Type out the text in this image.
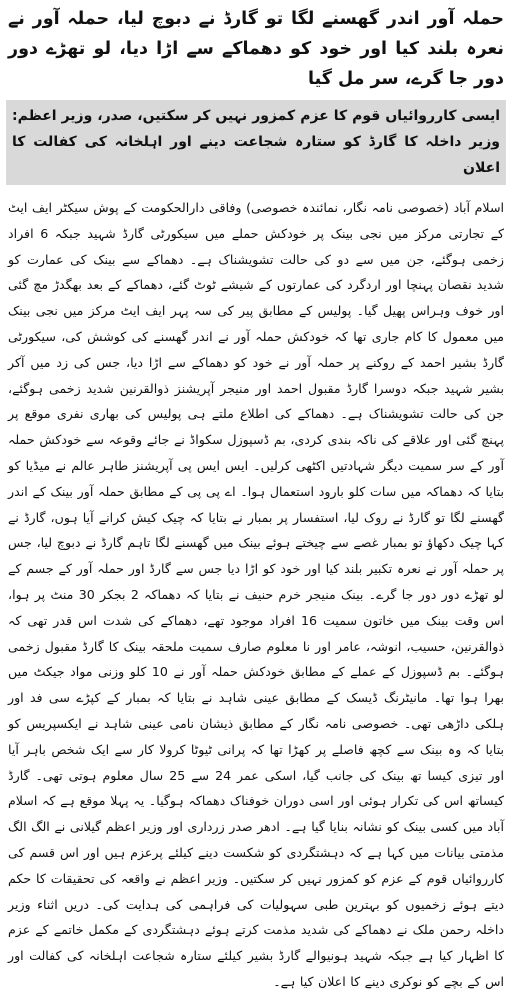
حملہ آور اندر گھسنے لگا تو گارڈ نے دبوچ لیا، حملہ آور نے نعرہ بلند کیا اور خود کو دھماکے سے اڑا دیا، لو تھڑے دور دور جا گرے، سر مل گیا
ایسی کارروائیاں قوم کا عزم کمزور نہیں کر سکتیں، صدر، وزیر اعظم: وزیر داخلہ کا گارڈ کو ستارہ شجاعت دینے اور اہلخانہ کی کفالت کا اعلان

اسلام آباد (خصوصی نامہ نگار، نمائندہ خصوصی) وفاقی دارالحکومت کے پوش سیکٹر ایف ایٹ کے تجارتی مرکز میں نجی بینک پر خودکش حملے میں سیکورٹی گارڈ شہید جبکہ 6 افراد زخمی ہوگئے، جن میں سے دو کی حالت تشویشناک ہے۔ دھماکے سے بینک کی عمارت کو شدید نقصان پہنچا اور اردگرد کی عمارتوں کے شیشے ٹوٹ گئے، دھماکے کے بعد بھگدڑ مچ گئی اور خوف وہراس پھیل گیا۔ پولیس کے مطابق پیر کی سہ پہر ایف ایٹ مرکز میں نجی بینک میں معمول کا کام جاری تھا کہ خودکش حملہ آور نے اندر گھسنے کی کوشش کی، سیکورٹی گارڈ بشیر احمد کے روکنے پر حملہ آور نے خود کو دھماکے سے اڑا دیا، جس کی زد میں آکر بشیر شہید جبکہ دوسرا گارڈ مقبول احمد اور منیجر آپریشنز ذوالقرنین شدید زخمی ہوگئے، جن کی حالت تشویشناک ہے۔ دھماکے کی اطلاع ملتے ہی پولیس کی بھاری نفری موقع پر پہنچ گئی اور علاقے کی ناکہ بندی کردی، بم ڈسپوزل سکواڈ نے جائے وقوعہ سے خودکش حملہ آور کے سر سمیت دیگر شہادتیں اکٹھی کرلیں۔ ایس ایس پی آپریشنز طاہر عالم نے میڈیا کو بتایا کہ دھماکہ میں سات کلو بارود استعمال ہوا۔ اے پی پی کے مطابق حملہ آور بینک کے اندر گھسنے لگا تو گارڈ نے روک لیا، استفسار پر بمبار نے بتایا کہ چیک کیش کرانے آیا ہوں، گارڈ نے کہا چیک دکھاؤ تو بمبار غصے سے چیختے ہوئے بینک میں گھسنے لگا تاہم گارڈ نے دبوچ لیا، جس پر حملہ آور نے نعرہ تکبیر بلند کیا اور خود کو اڑا دیا جس سے گارڈ اور حملہ آور کے جسم کے لو تھڑے دور دور جا گرے۔ بینک منیجر خرم حنیف نے بتایا کہ دھماکہ 2 بجکر 30 منٹ پر ہوا، اس وقت بینک میں خاتون سمیت 16 افراد موجود تھے، دھماکے کی شدت اس قدر تھی کہ ذوالقرنین، حسیب، انوشہ، عامر اور نا معلوم صارف سمیت ملحقہ بینک کا گارڈ مقبول زخمی ہوگئے۔ بم ڈسپوزل کے عملے کے مطابق خودکش حملہ آور نے 10 کلو وزنی مواد جیکٹ میں بھرا ہوا تھا۔ مانیٹرنگ ڈیسک کے مطابق عینی شاہد نے بتایا کہ بمبار کے کپڑے سی فد اور ہلکی داڑھی تھی۔ خصوصی نامہ نگار کے مطابق ذیشان نامی عینی شاہد نے ایکسپریس کو بتایا کہ وہ بینک سے کچھ فاصلے پر کھڑا تھا کہ پرانی ٹیوٹا کرولا کار سے ایک شخص باہر آیا اور تیزی کیسا تھ بینک کی جانب گیا، اسکی عمر 24 سے 25 سال معلوم ہوتی تھی۔ گارڈ کیساتھ اس کی تکرار ہوئی اور اسی دوران خوفناک دھماکہ ہوگیا۔ یہ پہلا موقع ہے کہ اسلام آباد میں کسی بینک کو نشانہ بنایا گیا ہے۔ ادھر صدر زرداری اور وزیر اعظم گیلانی نے الگ الگ مذمتی بیانات میں کہا ہے کہ دہشتگردی کو شکست دینے کیلئے پرعزم ہیں اور اس قسم کی کارروائیاں قوم کے عزم کو کمزور نہیں کر سکتیں۔ وزیر اعظم نے واقعہ کی تحقیقات کا حکم دیتے ہوئے زخمیوں کو بہترین طبی سہولیات کی فراہمی کی ہدایت کی۔ دریں اثناء وزیر داخلہ رحمن ملک نے دھماکے کی شدید مذمت کرتے ہوئے دہشتگردی کے مکمل خاتمے کے عزم کا اظہار کیا ہے جبکہ شہید ہونیوالے گارڈ بشیر کیلئے ستارہ شجاعت اہلخانہ کی کفالت اور اس کے بچے کو نوکری دینے کا اعلان کیا ہے۔
